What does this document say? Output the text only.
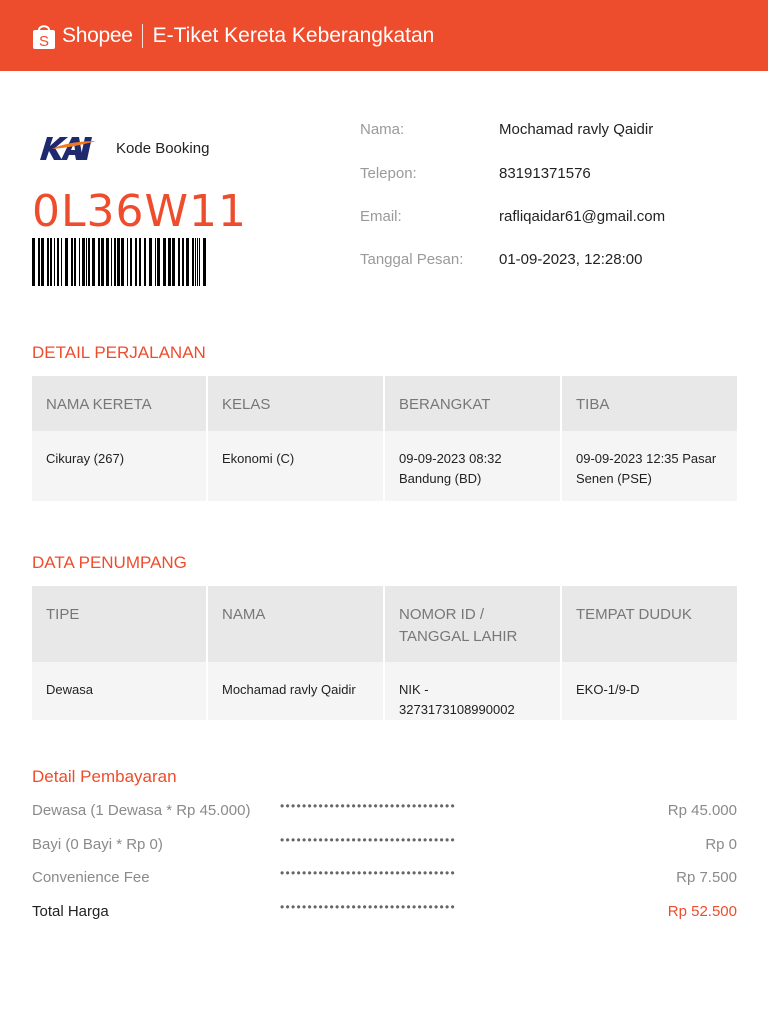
S Shopee E-Tiket Kereta Keberangkatan
Kode Booking
0L36W11
Nama:	Mochamad ravly Qaidir
Telepon:	83191371576
Email:	rafliqaidar61@gmail.com
Tanggal Pesan: 01-09-2023, 12:28:00
DETAIL PERJALANAN
NAMA KERETA	KELAS	BERANGKAT	TIBA
Cikuray (267)	Ekonomi (C)	09-09-2023 08:32 Bandung (BD)	09-09-2023 12:35 Pasar Senen (PSE)
DATA PENUMPANG
TIPE	NAMA	NOMOR ID / TANGGAL LAHIR	TEMPAT DUDUK
Dewasa	Mochamad ravly Qaidir	NIK - 3273173108990002	EKO-1/9-D
Detail Pembayaran
Dewasa (1 Dewasa * Rp 45.000) ••••••••••••••••••••••••••••••••	Rp 45.000
Bayi (0 Bayi * Rp 0)	••••••••••••••••••••••••••••••••	Rp 0
Convenience Fee	••••••••••••••••••••••••••••••••	Rp 7.500
Total Harga	••••••••••••••••••••••••••••••••	Rp 52.500
